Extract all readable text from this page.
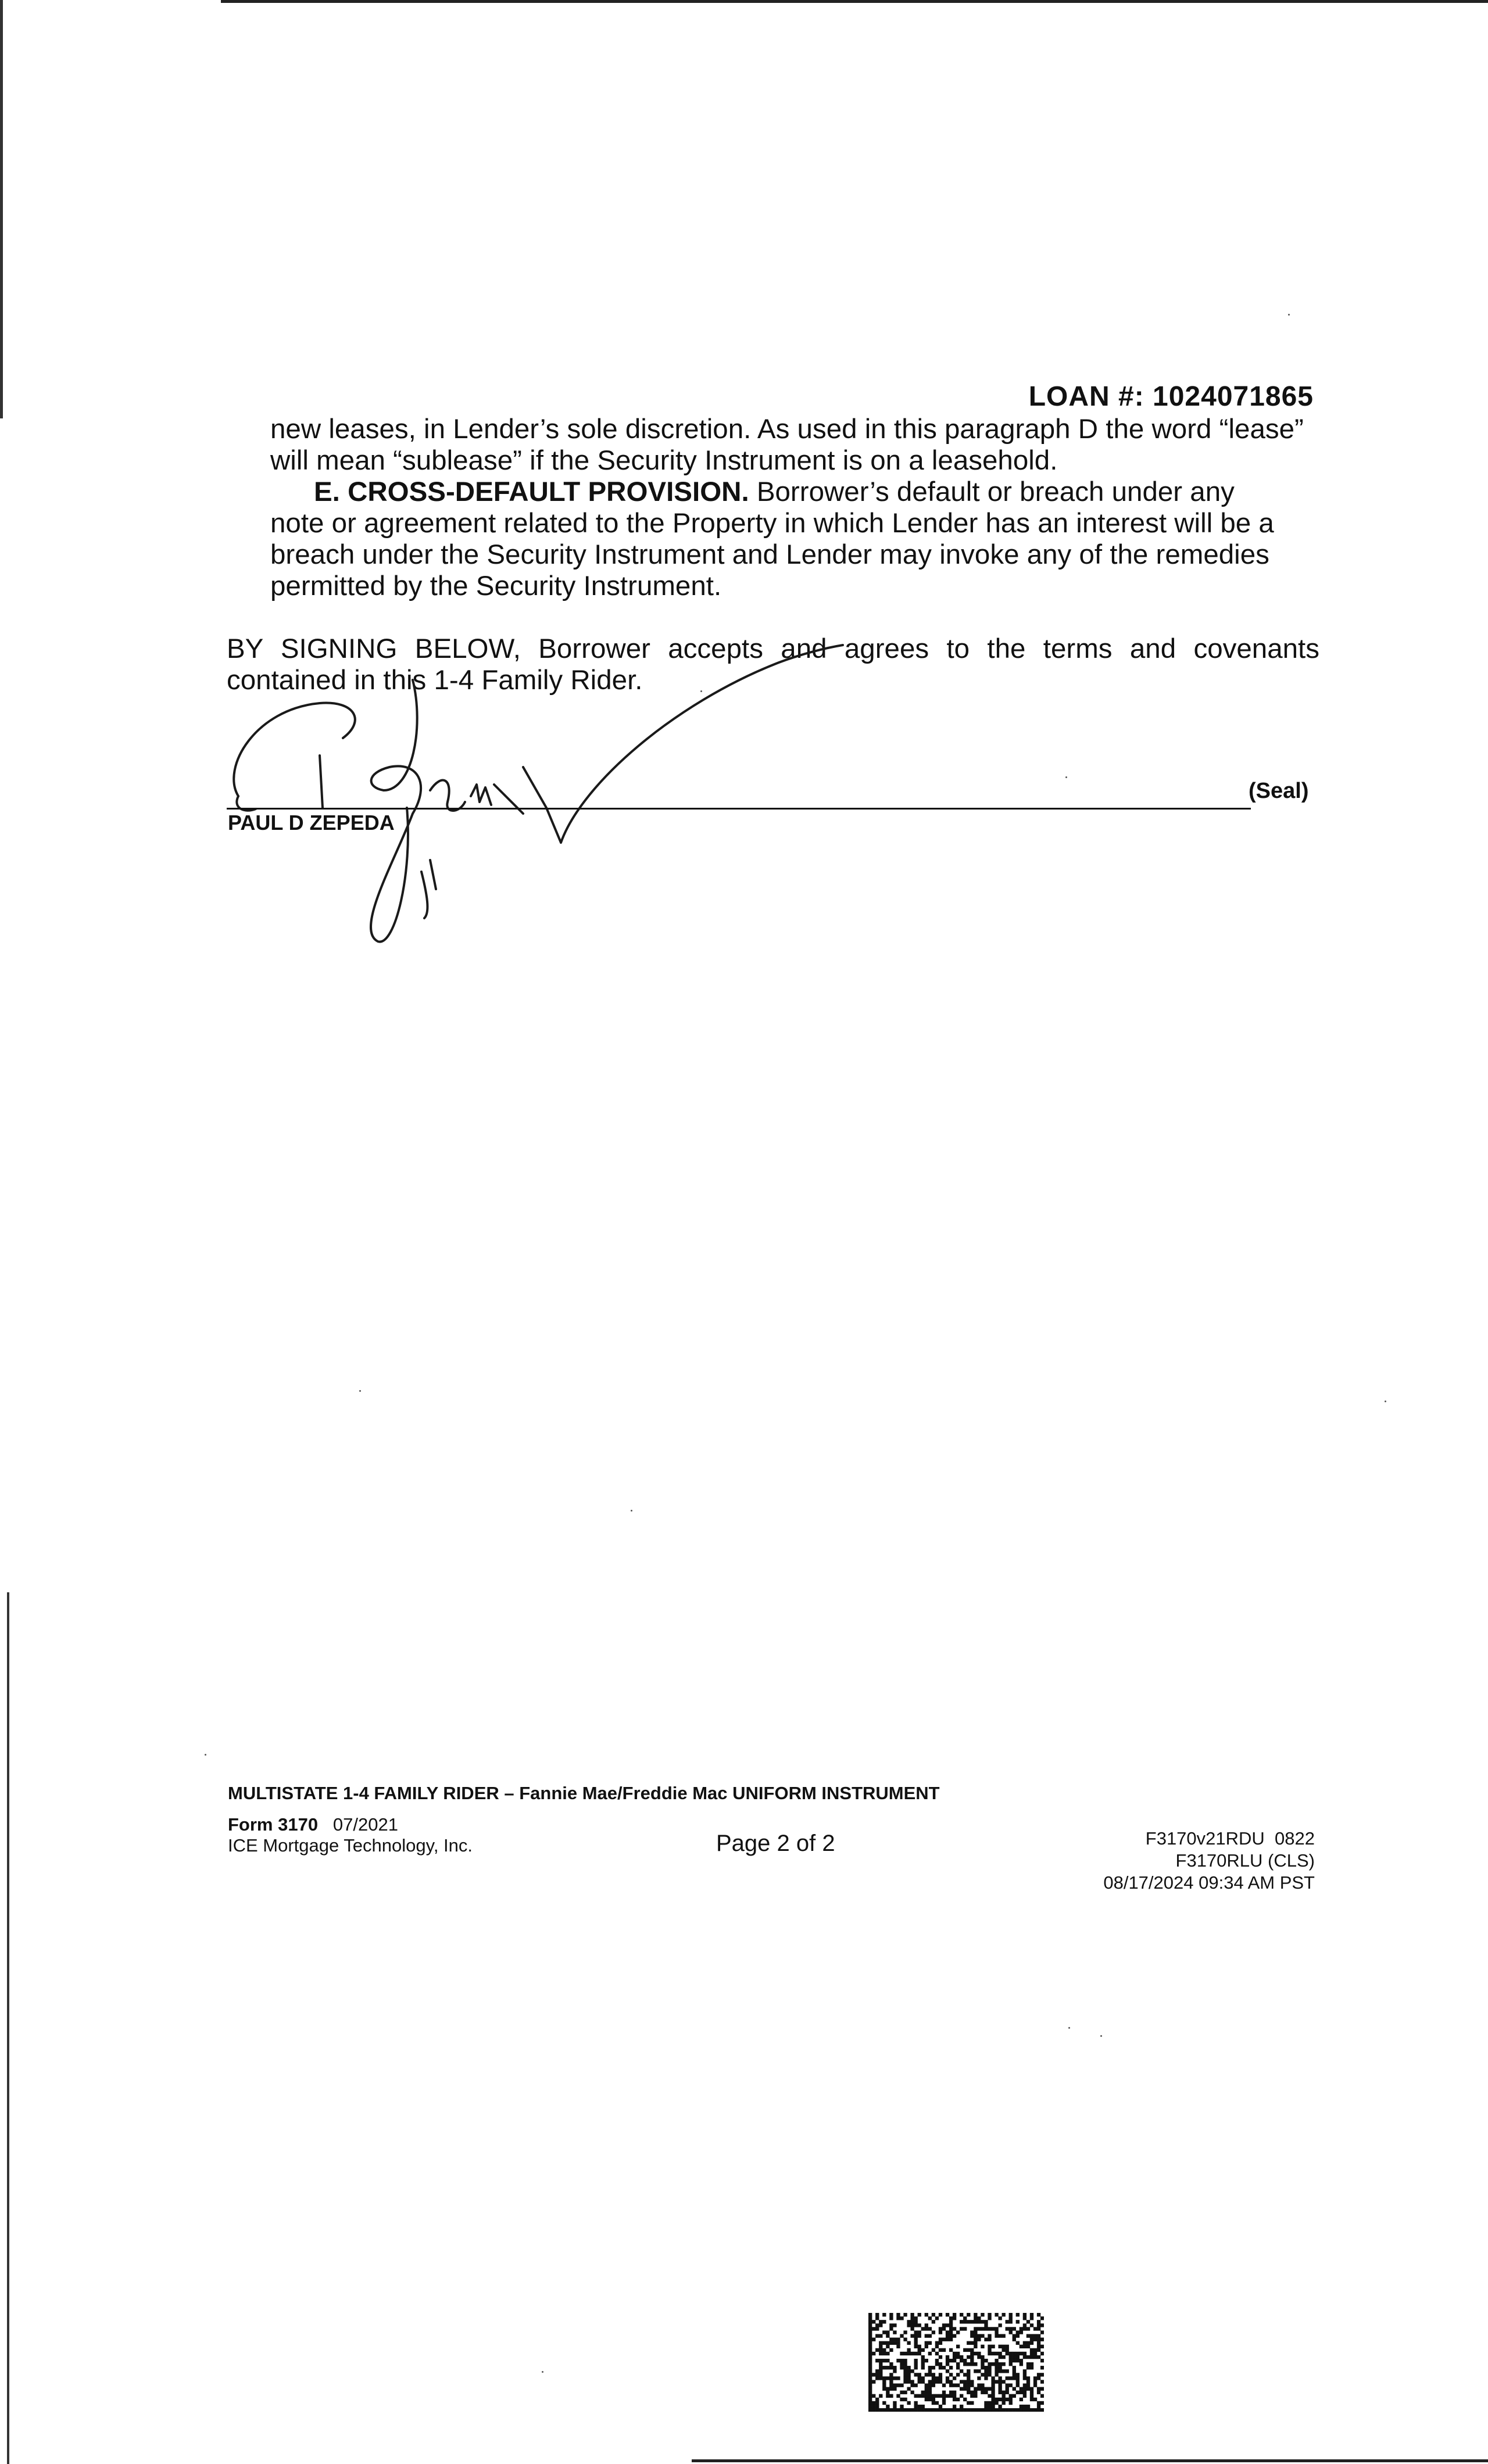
LOAN #: 1024071865
new leases, in Lender’s sole discretion. As used in this paragraph D the word “lease” will mean “sublease” if the Security Instrument is on a leasehold.
E. CROSS-DEFAULT PROVISION. Borrower’s default or breach under any
note or agreement related to the Property in which Lender has an interest will be a breach under the Security Instrument and Lender may invoke any of the remedies permitted by the Security Instrument.
BY SIGNING BELOW, Borrower accepts and agrees to the terms and covenants contained in this 1-4 Family Rider.
(Seal)
PAUL D ZEPEDA
MULTISTATE 1-4 FAMILY RIDER – Fannie Mae/Freddie Mac UNIFORM INSTRUMENT
Form 3170 07/2021
ICE Mortgage Technology, Inc.	Page 2 of 2	F3170v21RDU  0822
F3170RLU (CLS)
08/17/2024 09:34 AM PST
